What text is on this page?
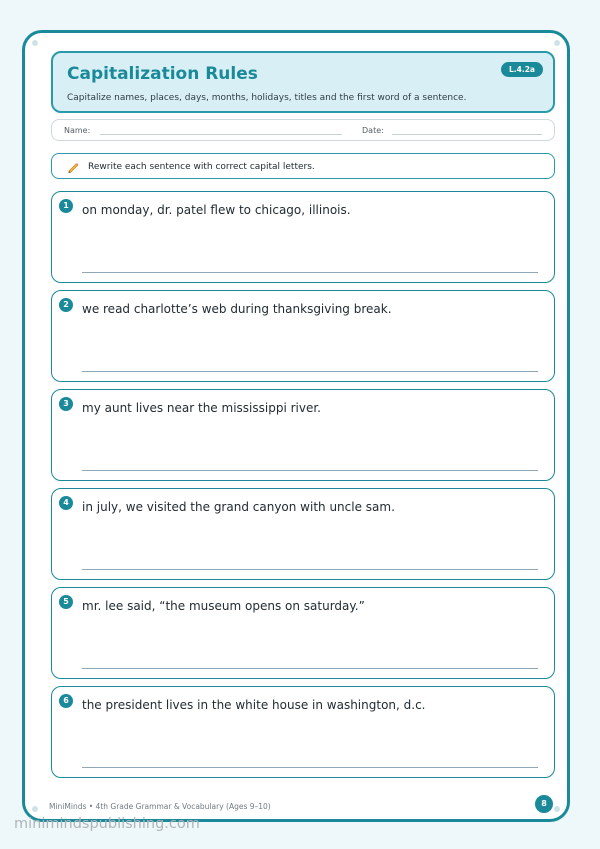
Capitalization Rules	L.4.2a
Capitalize names, places, days, months, holidays, titles and the first word of a sentence.
Name:	Date:
Rewrite each sentence with correct capital letters.
1	on monday, dr. patel flew to chicago, illinois.
2	we read charlotte’s web during thanksgiving break.
3	my aunt lives near the mississippi river.
4	in july, we visited the grand canyon with uncle sam.
5	mr. lee said, “the museum opens on saturday.”
6	the president lives in the white house in washington, d.c.
MiniMinds • 4th Grade Grammar & Vocabulary (Ages 9–10)	8
minimindspublishing.com
